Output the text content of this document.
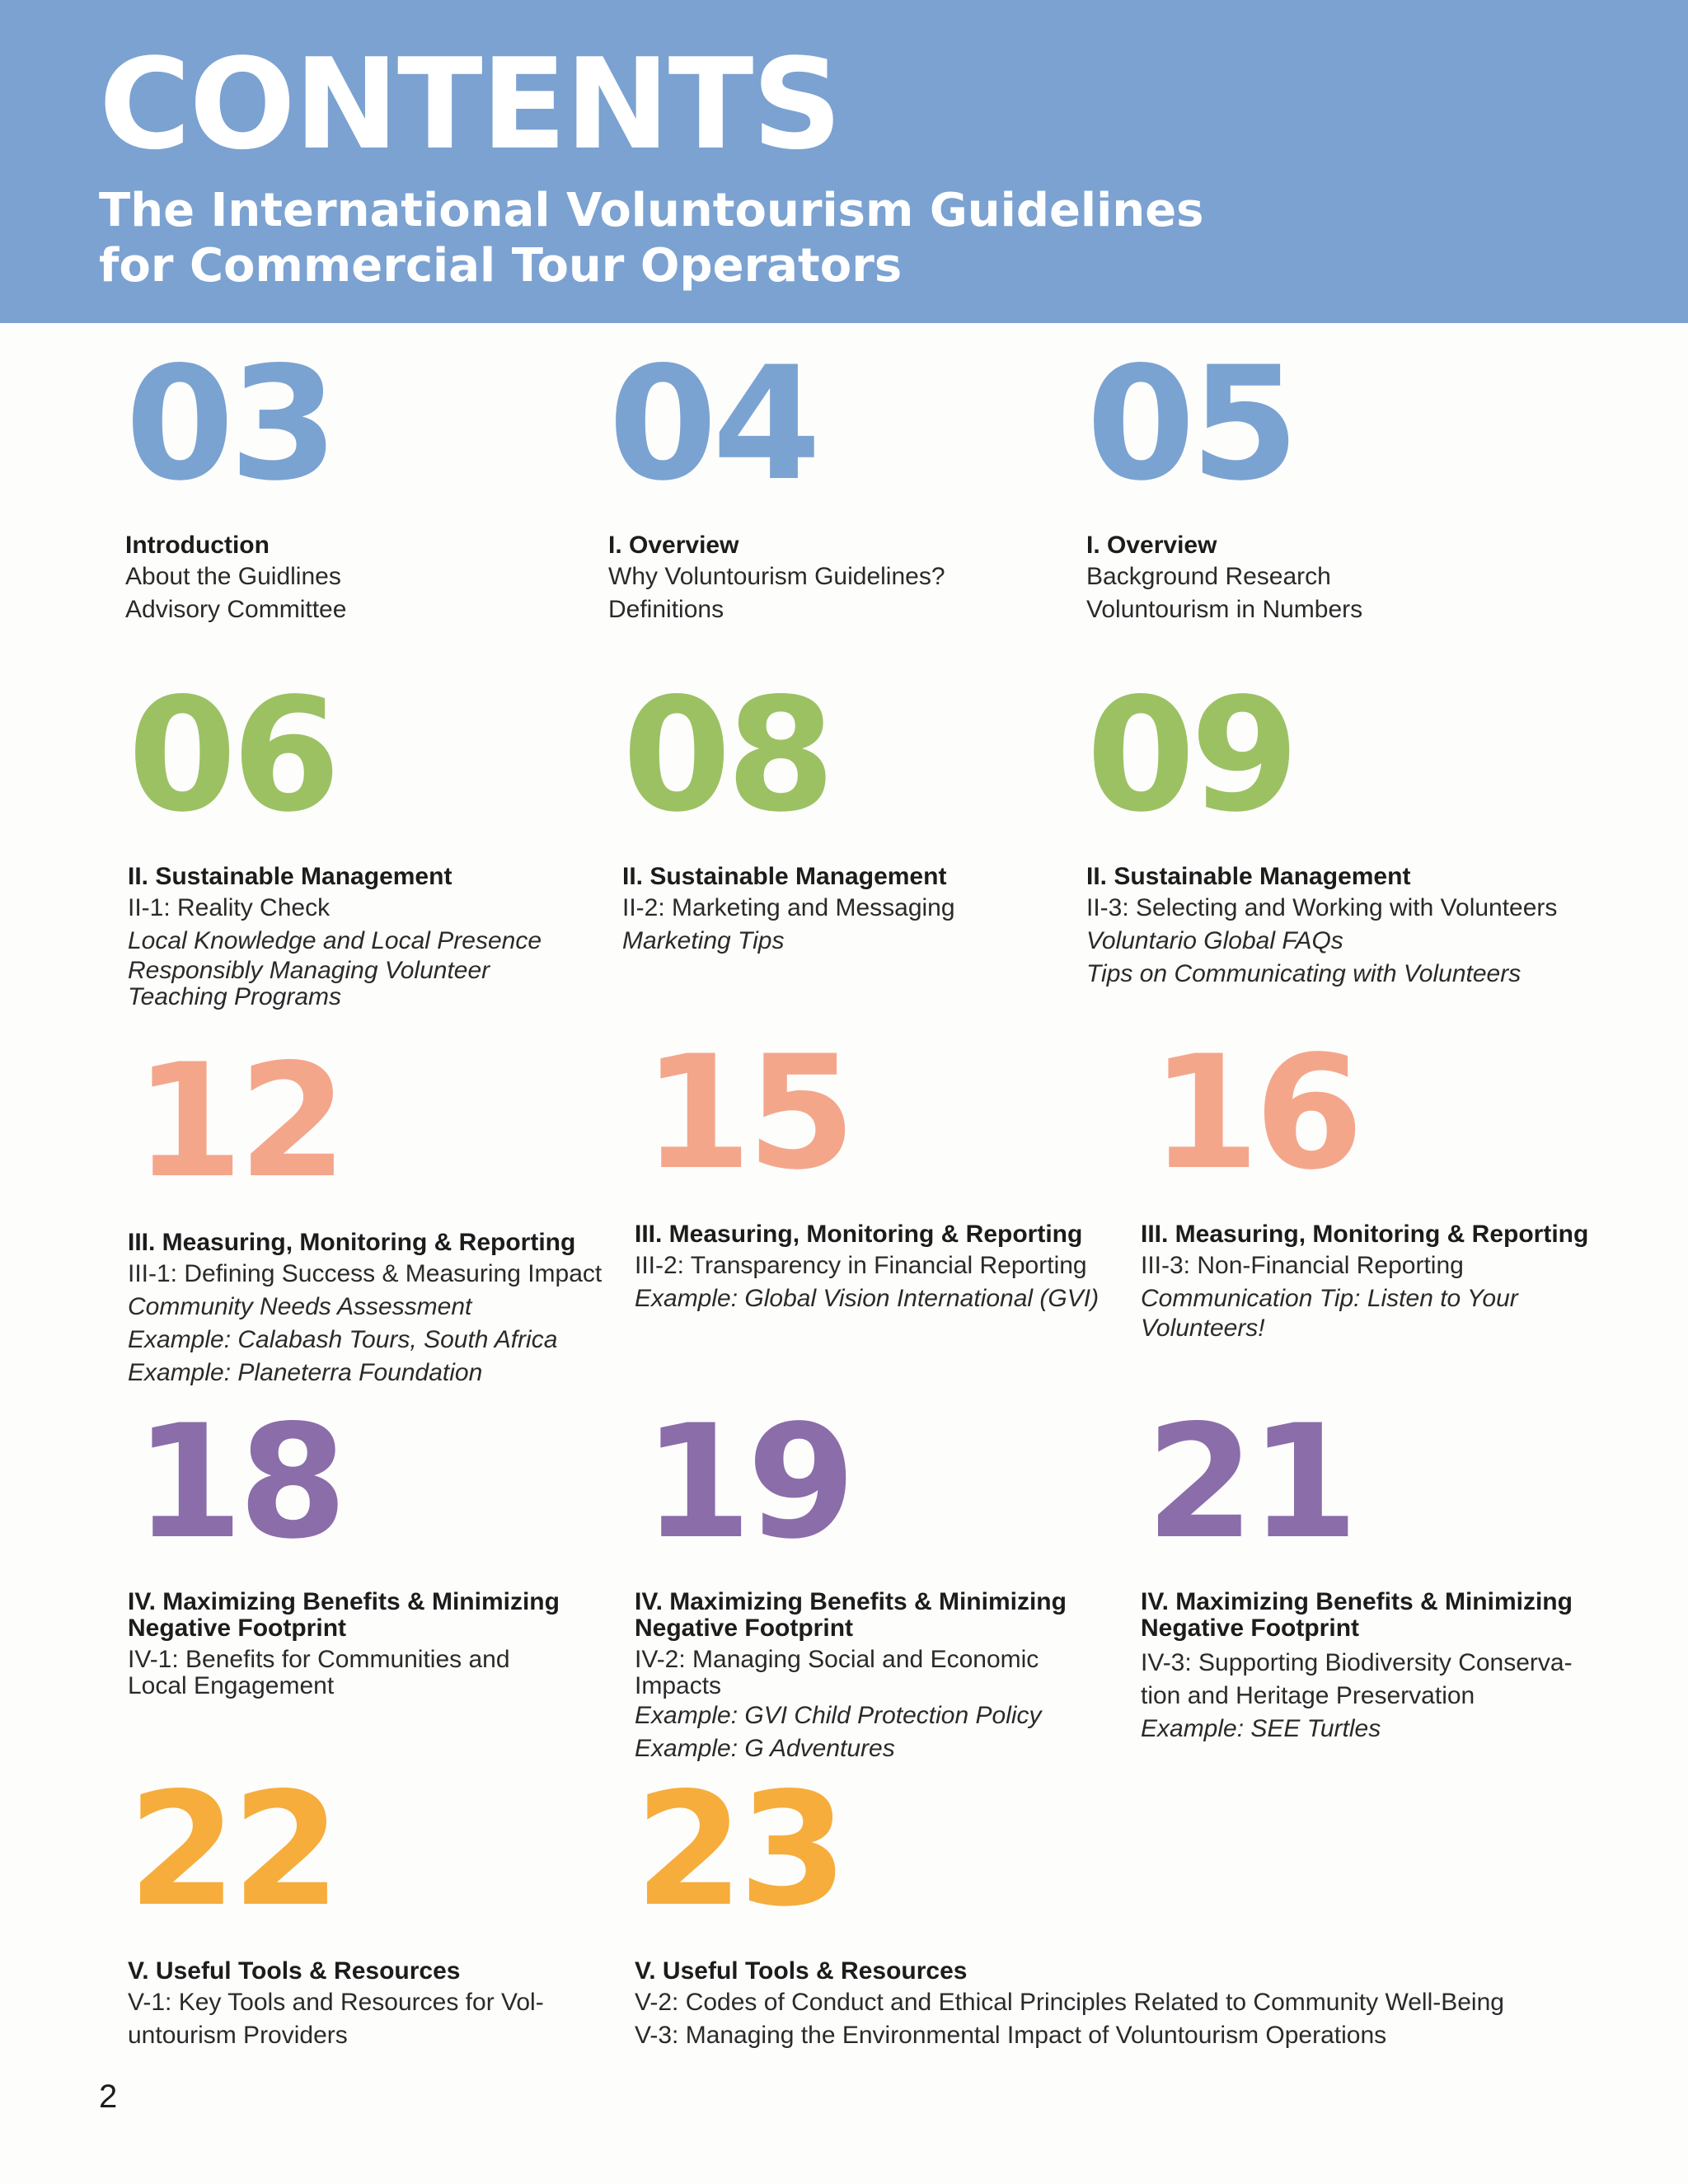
CONTENTS
The International Voluntourism Guidelines
for Commercial Tour Operators
03
Introduction
About the Guidlines
Advisory Committee
04
I. Overview
Why Voluntourism Guidelines?
Definitions
05
I. Overview
Background Research
Voluntourism in Numbers
06
II. Sustainable Management
II-1: Reality Check
Local Knowledge and Local Presence
Responsibly Managing Volunteer
Teaching Programs
08
II. Sustainable Management
II-2: Marketing and Messaging
Marketing Tips
09
II. Sustainable Management
II-3: Selecting and Working with Volunteers
Voluntario Global FAQs
Tips on Communicating with Volunteers
12
III. Measuring, Monitoring & Reporting
III-1: Defining Success & Measuring Impact
Community Needs Assessment
Example: Calabash Tours, South Africa
Example: Planeterra Foundation
15
III. Measuring, Monitoring & Reporting
III-2: Transparency in Financial Reporting
Example: Global Vision International (GVI)
16
III. Measuring, Monitoring & Reporting
III-3: Non-Financial Reporting
Communication Tip: Listen to Your
Volunteers!
18
IV. Maximizing Benefits & Minimizing
Negative Footprint
IV-1: Benefits for Communities and
Local Engagement
19
IV. Maximizing Benefits & Minimizing
Negative Footprint
IV-2: Managing Social and Economic
Impacts
Example: GVI Child Protection Policy
Example: G Adventures
21
IV. Maximizing Benefits & Minimizing
Negative Footprint
IV-3: Supporting Biodiversity Conserva-
tion and Heritage Preservation
Example: SEE Turtles
22
V. Useful Tools & Resources
V-1: Key Tools and Resources for Vol-
untourism Providers
23
V. Useful Tools & Resources
V-2: Codes of Conduct and Ethical Principles Related to Community Well-Being
V-3: Managing the Environmental Impact of Voluntourism Operations
2
